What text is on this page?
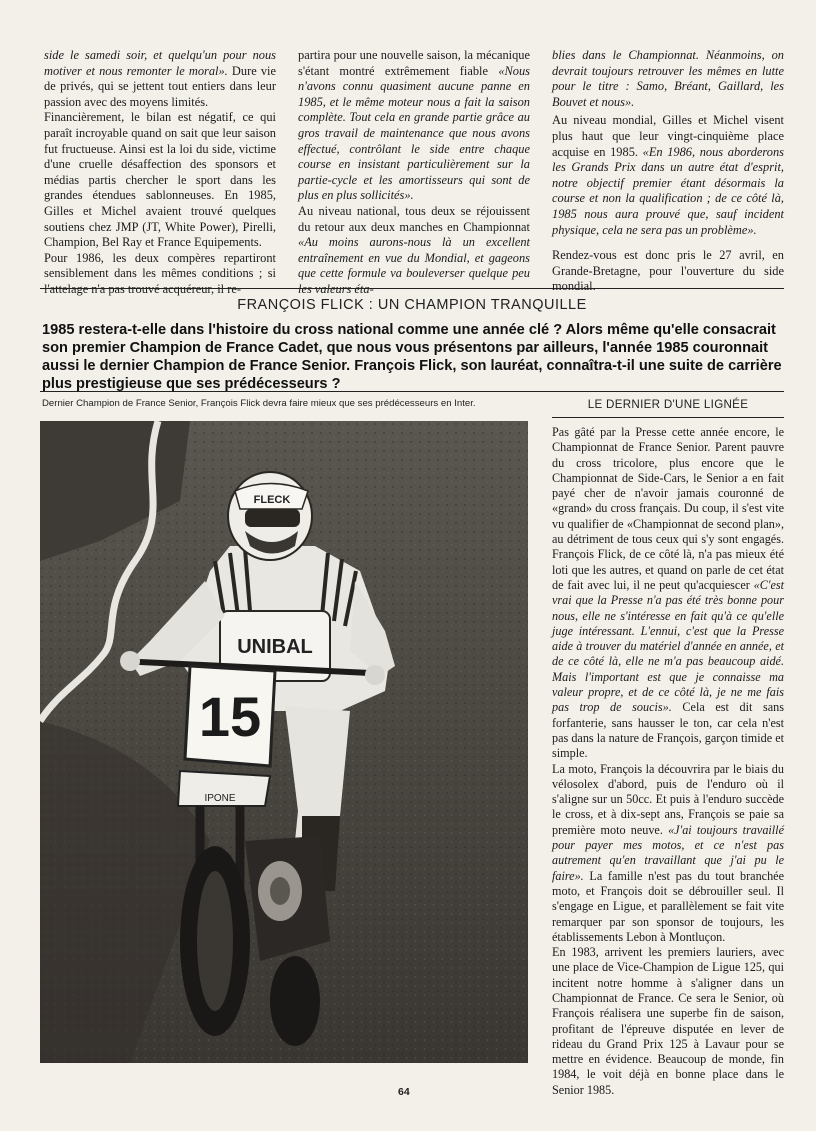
side le samedi soir, et quelqu'un pour nous motiver et nous remonter le moral». Dure vie de privés, qui se jettent tout entiers dans leur passion avec des moyens limités.

Financièrement, le bilan est négatif, ce qui paraît incroyable quand on sait que leur saison fut fructueuse. Ainsi est la loi du side, victime d'une cruelle désaffection des sponsors et médias partis chercher le sport dans les grandes étendues sablonneuses. En 1985, Gilles et Michel avaient trouvé quelques soutiens chez JMP (JT, White Power), Pirelli, Champion, Bel Ray et France Equipements.

Pour 1986, les deux compères repartiront sensiblement dans les mêmes conditions ; si l'attelage n'a pas trouvé acquéreur, il re-

partira pour une nouvelle saison, la mécanique s'étant montré extrêmement fiable «Nous n'avons connu quasiment aucune panne en 1985, et le même moteur nous a fait la saison complète. Tout cela en grande partie grâce au gros travail de maintenance que nous avons effectué, contrôlant le side entre chaque course en insistant particulièrement sur la partie-cycle et les amortisseurs qui sont de plus en plus sollicités».

Au niveau national, tous deux se réjouissent du retour aux deux manches en Championnat «Au moins aurons-nous là un excellent entraînement en vue du Mondial, et gageons que cette formule va bouleverser quelque peu les valeurs éta-

blies dans le Championnat. Néanmoins, on devrait toujours retrouver les mêmes en lutte pour le titre : Samo, Bréant, Gaillard, les Bouvet et nous».

Au niveau mondial, Gilles et Michel visent plus haut que leur vingt-cinquième place acquise en 1985. «En 1986, nous aborderons les Grands Prix dans un autre état d'esprit, notre objectif premier étant désormais la course et non la qualification ; de ce côté là, 1985 nous aura prouvé que, sauf incident physique, cela ne sera pas un problème».

Rendez-vous est donc pris le 27 avril, en Grande-Bretagne, pour l'ouverture du side mondial.

FRANÇOIS FLICK : UN CHAMPION TRANQUILLE
1985 restera-t-elle dans l'histoire du cross national comme une année clé ? Alors même qu'elle consacrait son premier Champion de France Cadet, que nous vous présentons par ailleurs, l'année 1985 couronnait aussi le dernier Champion de France Senior. François Flick, son lauréat, connaîtra-t-il une suite de carrière plus prestigieuse que ses prédécesseurs ?
Dernier Champion de France Senior, François Flick devra faire mieux que ses prédécesseurs en Inter.	LE DERNIER D'UNE LIGNÉE
UNIBAL
FLECK
15
IPONE

Pas gâté par la Presse cette année encore, le Championnat de France Senior. Parent pauvre du cross tricolore, plus encore que le Championnat de Side-Cars, le Senior a en fait payé cher de n'avoir jamais couronné de «grand» du cross français. Du coup, il s'est vite vu qualifier de «Championnat de second plan», au détriment de tous ceux qui s'y sont engagés. François Flick, de ce côté là, n'a pas mieux été loti que les autres, et quand on parle de cet état de fait avec lui, il ne peut qu'acquiescer «C'est vrai que la Presse n'a pas été très bonne pour nous, elle ne s'intéresse en fait qu'à ce qu'elle juge intéressant. L'ennui, c'est que la Presse aide à trouver du matériel d'année en année, et de ce côté là, elle ne m'a pas beaucoup aidé. Mais l'important est que je connaisse ma valeur propre, et de ce côté là, je ne me fais pas trop de soucis». Cela est dit sans forfanterie, sans hausser le ton, car cela n'est pas dans la nature de François, garçon timide et simple.

La moto, François la découvrira par le biais du vélosolex d'abord, puis de l'enduro où il s'aligne sur un 50cc. Et puis à l'enduro succède le cross, et à dix-sept ans, François se paie sa première moto neuve. «J'ai toujours travaillé pour payer mes motos, et ce n'est pas autrement qu'en travaillant que j'ai pu le faire». La famille n'est pas du tout branchée moto, et François doit se débrouiller seul. Il s'engage en Ligue, et parallèlement se fait vite remarquer par son sponsor de toujours, les établissements Lebon à Montluçon.

En 1983, arrivent les premiers lauriers, avec une place de Vice-Champion de Ligue 125, qui incitent notre homme à s'aligner dans un Championnat de France. Ce sera le Senior, où François réalisera une superbe fin de saison, profitant de l'épreuve disputée en lever de rideau du Grand Prix 125 à Lavaur pour se mettre en évidence. Beaucoup de monde, fin 1984, le voit déjà en bonne place dans le Senior 1985.

64
